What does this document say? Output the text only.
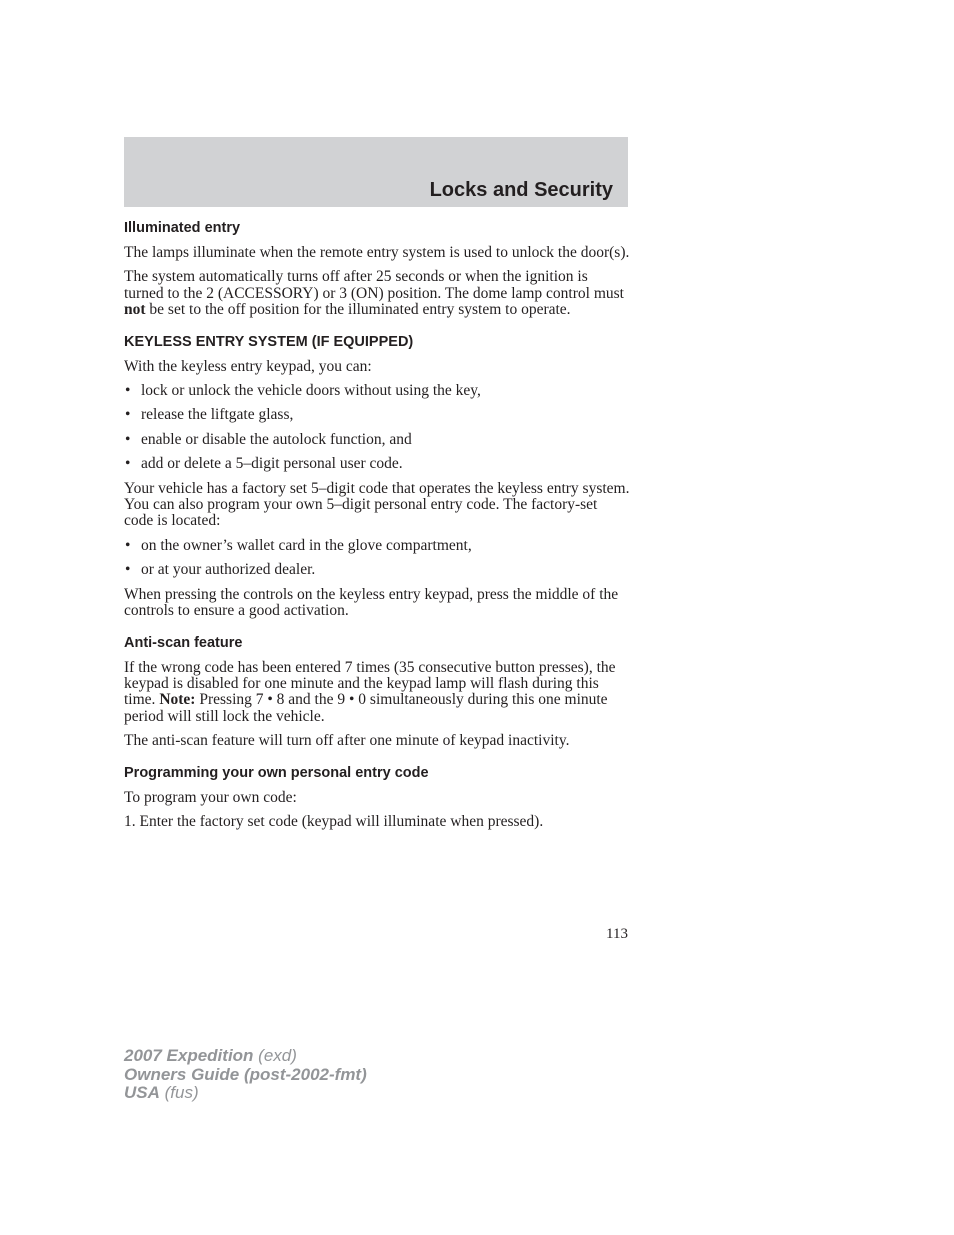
Locks and Security
Illuminated entry

The lamps illuminate when the remote entry system is used to unlock the door(s).

The system automatically turns off after 25 seconds or when the ignition is turned to the 2 (ACCESSORY) or 3 (ON) position. The dome lamp control must not be set to the off position for the illuminated entry system to operate.

KEYLESS ENTRY SYSTEM (IF EQUIPPED)

With the keyless entry keypad, you can:

• lock or unlock the vehicle doors without using the key,

• release the liftgate glass,

• enable or disable the autolock function, and

• add or delete a 5–digit personal user code.

Your vehicle has a factory set 5–digit code that operates the keyless entry system. You can also program your own 5–digit personal entry code. The factory-set code is located:

• on the owner’s wallet card in the glove compartment,

• or at your authorized dealer.

When pressing the controls on the keyless entry keypad, press the middle of the controls to ensure a good activation.

Anti-scan feature

If the wrong code has been entered 7 times (35 consecutive button presses), the keypad is disabled for one minute and the keypad lamp will flash during this time. Note: Pressing 7 • 8 and the 9 • 0 simultaneously during this one minute period will still lock the vehicle.

The anti-scan feature will turn off after one minute of keypad inactivity.

Programming your own personal entry code

To program your own code:

1. Enter the factory set code (keypad will illuminate when pressed).

113

2007 Expedition (exd)
Owners Guide (post-2002-fmt)
USA (fus)
